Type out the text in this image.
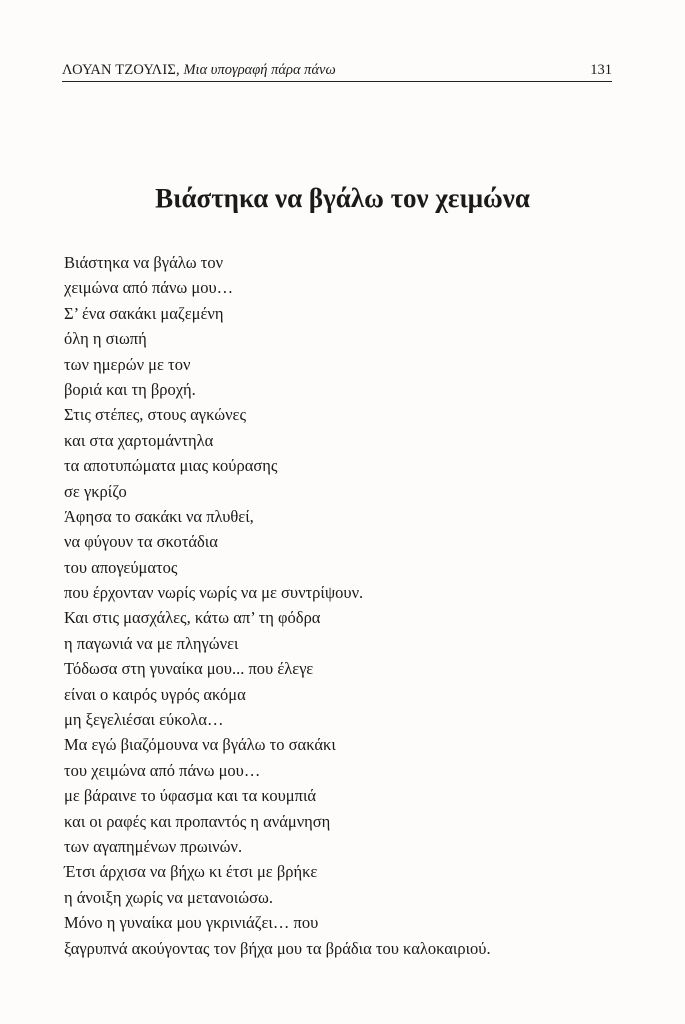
ΛΟΥΑΝ ΤΖΟΥΛΙΣ, Μια υπογραφή πάρα πάνω	131
Βιάστηκα να βγάλω τον χειμώνα
Βιάστηκα να βγάλω τον
χειμώνα από πάνω μου…
Σ’ ένα σακάκι μαζεμένη
όλη η σιωπή
των ημερών με τον
βοριά και τη βροχή.
Στις στέπες, στους αγκώνες
και στα χαρτομάντηλα
τα αποτυπώματα μιας κούρασης
σε γκρίζο
Άφησα το σακάκι να πλυθεί,
να φύγουν τα σκοτάδια
του απογεύματος
που έρχονταν νωρίς νωρίς να με συντρίψουν.
Και στις μασχάλες, κάτω απ’ τη φόδρα
η παγωνιά να με πληγώνει
Τόδωσα στη γυναίκα μου... που έλεγε
είναι ο καιρός υγρός ακόμα
μη ξεγελιέσαι εύκολα…
Μα εγώ βιαζόμουνα να βγάλω το σακάκι
του χειμώνα από πάνω μου…
με βάραινε το ύφασμα και τα κουμπιά
και οι ραφές και προπαντός η ανάμνηση
των αγαπημένων πρωινών.
Έτσι άρχισα να βήχω κι έτσι με βρήκε
η άνοιξη χωρίς να μετανοιώσω.
Μόνο η γυναίκα μου γκρινιάζει… που
ξαγρυπνά ακούγοντας τον βήχα μου τα βράδια του καλοκαιριού.
